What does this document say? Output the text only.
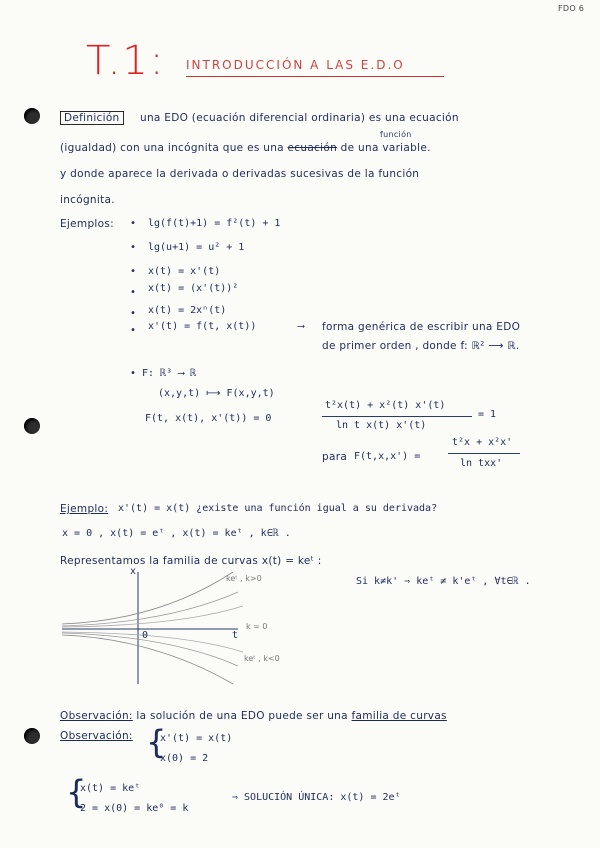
FDO 6
T.1: INTRODUCCIÓN A LAS E.D.O
Definición	una EDO (ecuación diferencial ordinaria) es una ecuación
función
(igualdad) con una incógnita que es una ecuación de una variable.
y donde aparece la derivada o derivadas sucesivas de la función
incógnita.
Ejemplos: • lg(f(t)+1) = f²(t) + 1
• lg(u+1) = u² + 1
• x(t) = x'(t)
• x(t) = (x'(t))²
• x(t) = 2xⁿ(t)
• x'(t) = f(t, x(t))	⟶ forma genérica de escribir una EDO
de primer orden , donde f: ℝ² ⟶ ℝ.
• F: ℝ³ ⟶ ℝ
(x,y,t) ⟼ F(x,y,t)
F(t, x(t), x'(t)) = 0
t²x(t) + x²(t) x'(t)
ln t x(t) x'(t)
= 1
para F(t,x,x') =
t²x + x²x'
ln txx'
Ejemplo: x'(t) = x(t) ¿existe una función igual a su derivada?
x = 0 , x(t) = eᵗ , x(t) = keᵗ , k∈ℝ .
Representamos la familia de curvas x(t) = keᵗ :
Si k≠k' ⇒ keᵗ ≠ k'eᵗ , ∀t∈ℝ .
x
t
0
keᵗ , k>0
k = 0
keᵗ , k<0
Observación: la solución de una EDO puede ser una familia de curvas
Observación: {
x'(t) = x(t)
x(0) = 2
{
x(t) = keᵗ
2 = x(0) = ke⁰ = k
⇒ SOLUCIÓN ÚNICA: x(t) = 2eᵗ
